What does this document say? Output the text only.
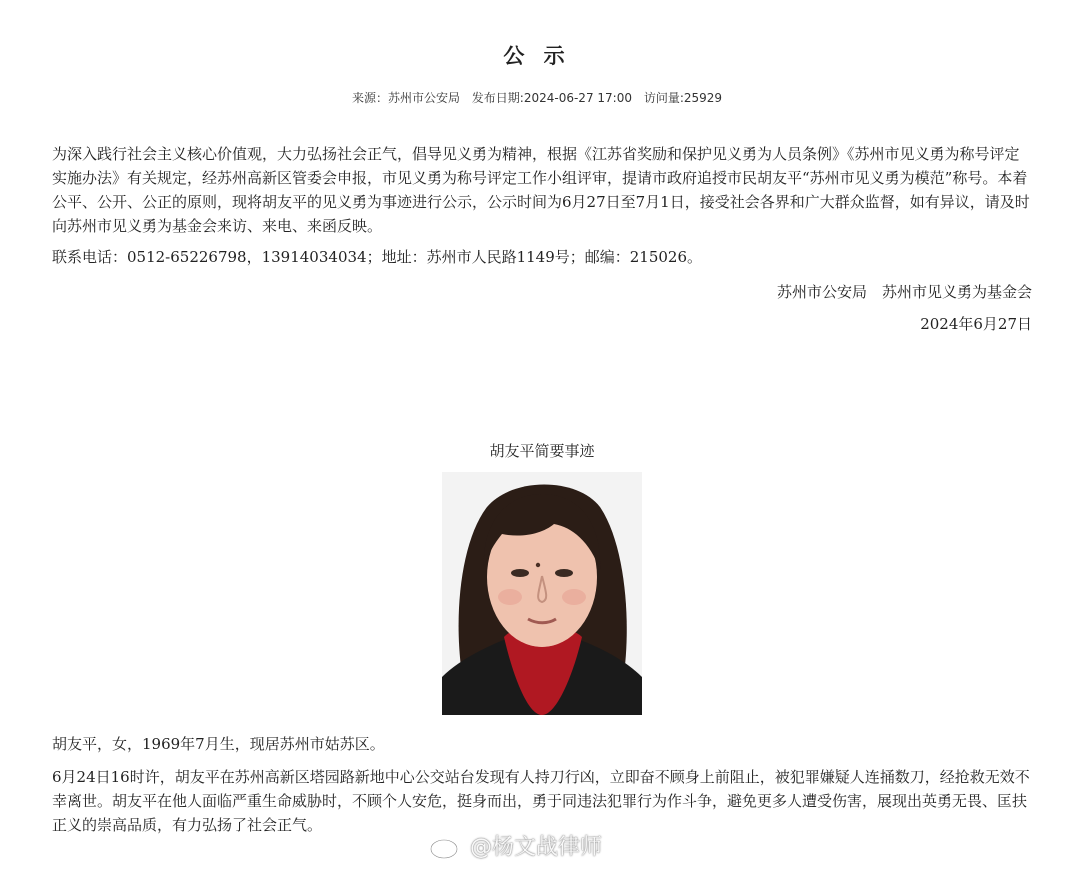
公 示
来源：苏州市公安局 发布日期:2024-06-27 17:00 访问量:25929

为深入践行社会主义核心价值观，大力弘扬社会正气，倡导见义勇为精神，根据《江苏省奖励和保护见义勇为人员条例》《苏州市见义勇为称号评定实施办法》有关规定，经苏州高新区管委会申报，市见义勇为称号评定工作小组评审，提请市政府追授市民胡友平“苏州市见义勇为模范”称号。本着公平、公开、公正的原则，现将胡友平的见义勇为事迹进行公示，公示时间为6月27日至7月1日，接受社会各界和广大群众监督，如有异议，请及时向苏州市见义勇为基金会来访、来电、来函反映。

联系电话：0512-65226798，13914034034；地址：苏州市人民路1149号；邮编：215026。

苏州市公安局　苏州市见义勇为基金会
2024年6月27日
胡友平简要事迹

胡友平，女，1969年7月生，现居苏州市姑苏区。

6月24日16时许，胡友平在苏州高新区塔园路新地中心公交站台发现有人持刀行凶，立即奋不顾身上前阻止，被犯罪嫌疑人连捅数刀，经抢救无效不幸离世。胡友平在他人面临严重生命威胁时，不顾个人安危，挺身而出，勇于同违法犯罪行为作斗争，避免更多人遭受伤害，展现出英勇无畏、匡扶正义的崇高品质，有力弘扬了社会正气。

@杨文战律师
